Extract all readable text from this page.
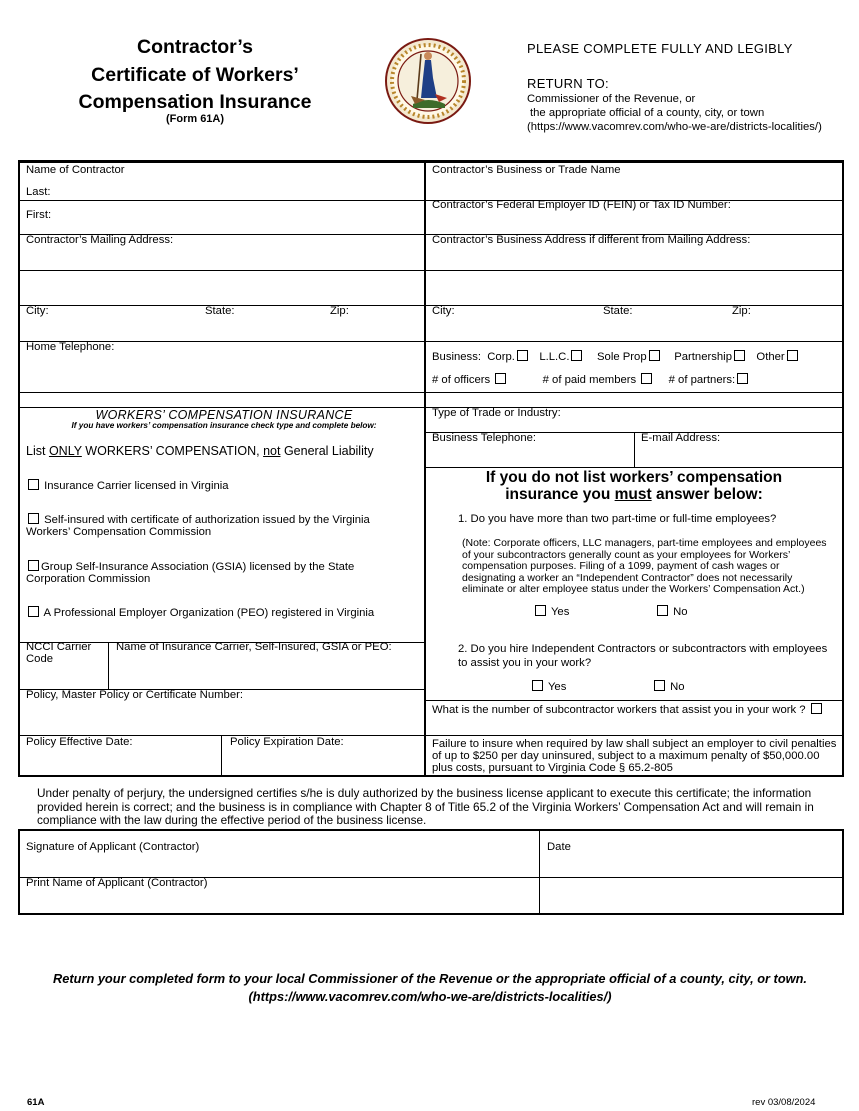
Contractor’s
Certificate of Workers’
Compensation Insurance
(Form 61A)
PLEASE COMPLETE FULLY AND LEGIBLY
RETURN TO:
Commissioner of the Revenue, or
the appropriate official of a county, city, or town
(https://www.vacomrev.com/who-we-are/districts-localities/)
Name of Contractor
Last:
First:
Contractor’s Mailing Address:
City:	State:	Zip:
Home Telephone:
WORKERS’ COMPENSATION INSURANCE
If you have workers’ compensation insurance check type and complete below:
List ONLY WORKERS’ COMPENSATION, not General Liability
Insurance Carrier licensed in Virginia
Self-insured with certificate of authorization issued by the Virginia Workers’ Compensation Commission
Group Self-Insurance Association (GSIA) licensed by the State Corporation Commission
A Professional Employer Organization (PEO) registered in Virginia
NCCI Carrier Code
Name of Insurance Carrier, Self-Insured, GSIA or PEO:
Policy, Master Policy or Certificate Number:
Policy Effective Date:	Policy Expiration Date:
Contractor’s Business or Trade Name
Contractor’s Federal Employer ID (FEIN) or Tax ID Number:
Contractor’s Business Address if different from Mailing Address:
City:	State:	Zip:
Business: Corp. L.L.C. Sole Prop Partnership Other
# of officers	# of paid members	# of partners:
Type of Trade or Industry:
Business Telephone:	E-mail Address:
If you do not list workers’ compensation
insurance you must answer below:
1. Do you have more than two part-time or full-time employees?
(Note: Corporate officers, LLC managers, part-time employees and employees of your subcontractors generally count as your employees for Workers’ compensation purposes. Filing of a 1099, payment of cash wages or designating a worker an “Independent Contractor” does not necessarily eliminate or alter employee status under the Workers’ Compensation Act.)
Yes	No
2. Do you hire Independent Contractors or subcontractors with employees to assist you in your work?
Yes	No
What is the number of subcontractor workers that assist you in your work ?
Failure to insure when required by law shall subject an employer to civil penalties of up to $250 per day uninsured, subject to a maximum penalty of $50,000.00 plus costs, pursuant to Virginia Code § 65.2-805
Under penalty of perjury, the undersigned certifies s/he is duly authorized by the business license applicant to execute this certificate; the information provided herein is correct; and the business is in compliance with Chapter 8 of Title 65.2 of the Virginia Workers’ Compensation Act and will remain in compliance with the law during the effective period of the business license.
Signature of Applicant (Contractor)	Date
Print Name of Applicant (Contractor)
Return your completed form to your local Commissioner of the Revenue or the appropriate official of a county, city, or town.
(https://www.vacomrev.com/who-we-are/districts-localities/)
61A	rev 03/08/2024
